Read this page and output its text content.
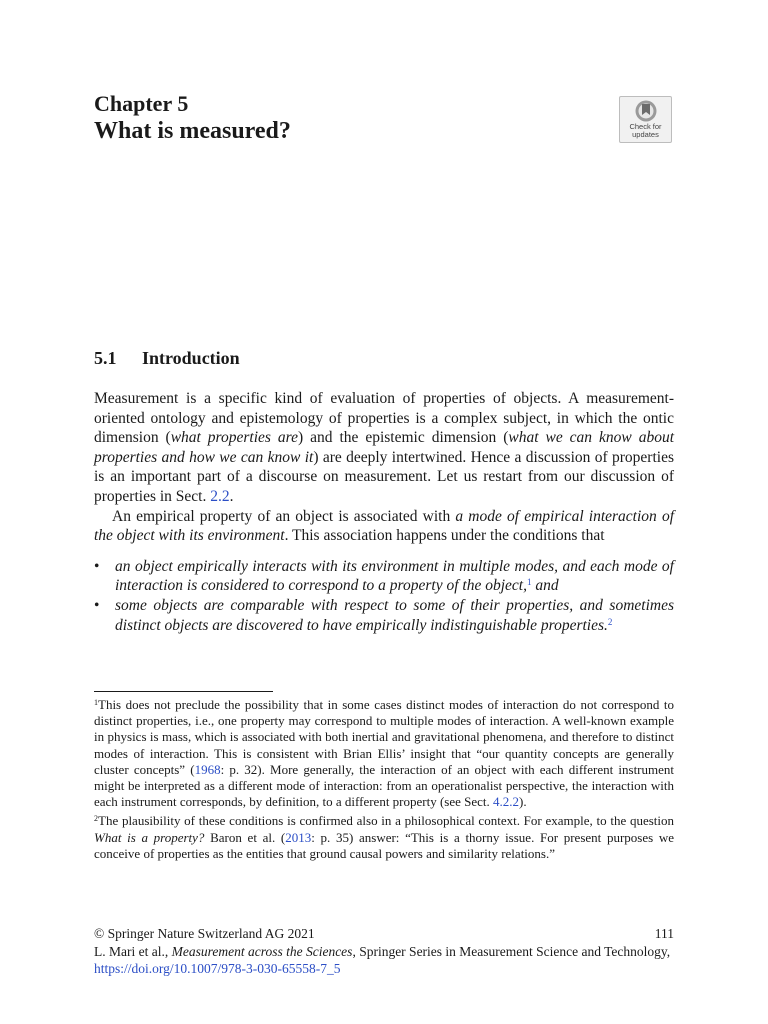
Chapter 5
What is measured?	Check for
updates
5.1 Introduction

Measurement is a specific kind of evaluation of properties of objects. A measurement-oriented ontology and epistemology of properties is a complex subject, in which the ontic dimension (what properties are) and the epistemic dimension (what we can know about properties and how we can know it) are deeply intertwined. Hence a discussion of properties is an important part of a discourse on measurement. Let us restart from our discussion of properties in Sect. 2.2.

An empirical property of an object is associated with a mode of empirical interaction of the object with its environment. This association happens under the conditions that

• an object empirically interacts with its environment in multiple modes, and each mode of interaction is considered to correspond to a property of the object,$^1$ and
• some objects are comparable with respect to some of their properties, and sometimes distinct objects are discovered to have empirically indistinguishable properties.$^2$

$^1$This does not preclude the possibility that in some cases distinct modes of interaction do not correspond to distinct properties, i.e., one property may correspond to multiple modes of interaction. A well-known example in physics is mass, which is associated with both inertial and gravitational phenomena, and therefore to distinct modes of interaction. This is consistent with Brian Ellis’ insight that “our quantity concepts are generally cluster concepts” (1968: p. 32). More generally, the interaction of an object with each different instrument might be interpreted as a different mode of interaction: from an operationalist perspective, the interaction with each instrument corresponds, by definition, to a different property (see Sect. 4.2.2).

$^2$The plausibility of these conditions is confirmed also in a philosophical context. For example, to the question What is a property? Baron et al. (2013: p. 35) answer: “This is a thorny issue. For present purposes we conceive of properties as the entities that ground causal powers and similarity relations.”

© Springer Nature Switzerland AG 2021	111
L. Mari et al., Measurement across the Sciences, Springer Series in Measurement Science and Technology, https://doi.org/10.1007/978-3-030-65558-7_5
